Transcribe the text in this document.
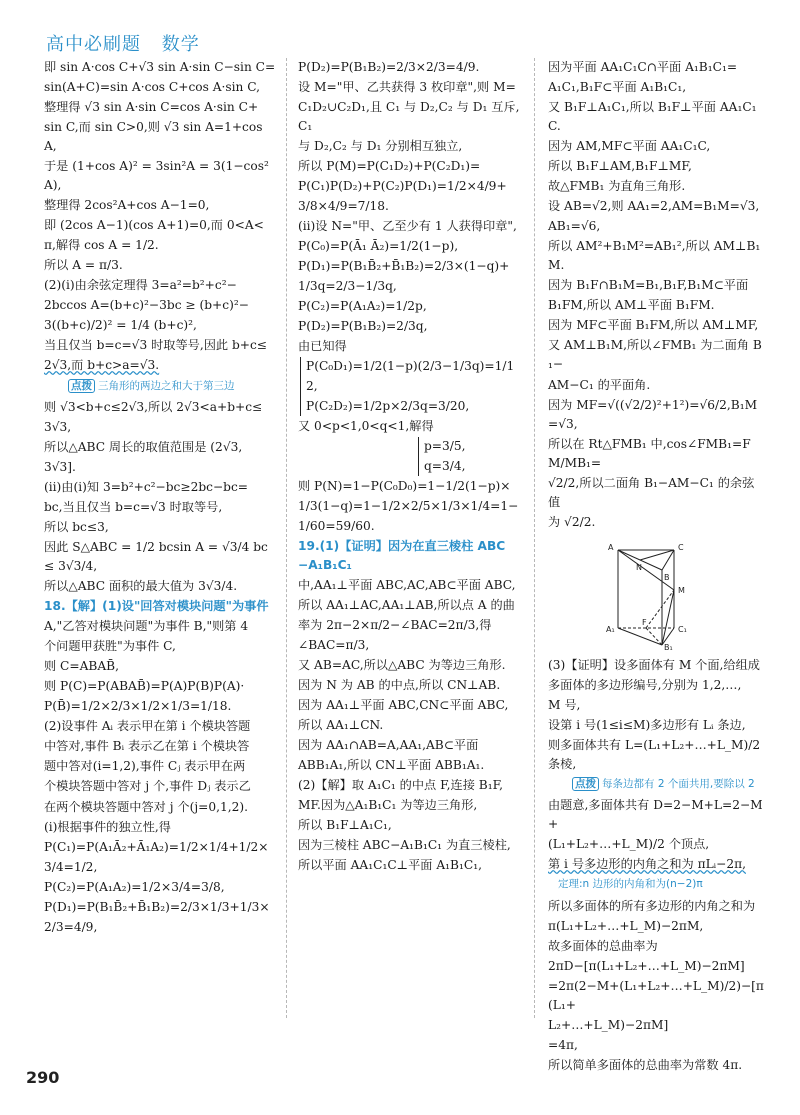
高中必刷题 数学

即 sin A·cos C+√3 sin A·sin C−sin C=

sin(A+C)=sin A·cos C+cos A·sin C,

整理得 √3 sin A·sin C=cos A·sin C+

sin C,而 sin C>0,则 √3 sin A=1+cos A,

于是 (1+cos A)² = 3sin²A = 3(1−cos²A),

整理得 2cos²A+cos A−1=0,

即 (2cos A−1)(cos A+1)=0,而 0<A<

π,解得 cos A = 1/2.

所以 A = π/3.

(2)(i)由余弦定理得 3=a²=b²+c²−

2bccos A=(b+c)²−3bc ≥ (b+c)²−

3((b+c)/2)² = 1/4 (b+c)²,

当且仅当 b=c=√3 时取等号,因此 b+c≤

2√3,而 b+c>a=√3.

点拨 三角形的两边之和大于第三边

则 √3<b+c≤2√3,所以 2√3<a+b+c≤

3√3,

所以△ABC 周长的取值范围是 (2√3,

3√3].

(ii)由(i)知 3=b²+c²−bc≥2bc−bc=

bc,当且仅当 b=c=√3 时取等号,

所以 bc≤3,

因此 S△ABC = 1/2 bcsin A = √3/4 bc ≤ 3√3/4,

所以△ABC 面积的最大值为 3√3/4.

18.【解】(1)设"回答对模块问题"为事件

A,"乙答对模块问题"为事件 B,"则第 4

个问题甲获胜"为事件 C,

则 C=ABAB̄,

则 P(C)=P(ABAB̄)=P(A)P(B)P(A)·

P(B̄)=1/2×2/3×1/2×1/3=1/18.

(2)设事件 Aᵢ 表示甲在第 i 个模块答题

中答对,事件 Bᵢ 表示乙在第 i 个模块答

题中答对(i=1,2),事件 Cⱼ 表示甲在两

个模块答题中答对 j 个,事件 Dⱼ 表示乙

在两个模块答题中答对 j 个(j=0,1,2).

(i)根据事件的独立性,得

P(C₁)=P(A₁Ā₂+Ā₁A₂)=1/2×1/4+1/2×

3/4=1/2,

P(C₂)=P(A₁A₂)=1/2×3/4=3/8,

P(D₁)=P(B₁B̄₂+B̄₁B₂)=2/3×1/3+1/3×

2/3=4/9,

P(D₂)=P(B₁B₂)=2/3×2/3=4/9.

设 M="甲、乙共获得 3 枚印章",则 M=

C₁D₂∪C₂D₁,且 C₁ 与 D₂,C₂ 与 D₁ 互斥,C₁

与 D₂,C₂ 与 D₁ 分别相互独立,

所以 P(M)=P(C₁D₂)+P(C₂D₁)=

P(C₁)P(D₂)+P(C₂)P(D₁)=1/2×4/9+

3/8×4/9=7/18.

(ii)设 N="甲、乙至少有 1 人获得印章",

P(C₀)=P(Ā₁ Ā₂)=1/2(1−p),

P(D₁)=P(B₁B̄₂+B̄₁B₂)=2/3×(1−q)+

1/3q=2/3−1/3q,

P(C₂)=P(A₁A₂)=1/2p,

P(D₂)=P(B₁B₂)=2/3q,

由已知得

P(C₀D₁)=1/2(1−p)(2/3−1/3q)=1/12,

P(C₂D₂)=1/2p×2/3q=3/20,

又 0<p<1,0<q<1,解得

p=3/5,

q=3/4,

则 P(N)=1−P(C₀D₀)=1−1/2(1−p)×

1/3(1−q)=1−1/2×2/5×1/3×1/4=1−

1/60=59/60.

19.(1)【证明】因为在直三棱柱 ABC−A₁B₁C₁

中,AA₁⊥平面 ABC,AC,AB⊂平面 ABC,

所以 AA₁⊥AC,AA₁⊥AB,所以点 A 的曲

率为 2π−2×π/2−∠BAC=2π/3,得

∠BAC=π/3,

又 AB=AC,所以△ABC 为等边三角形.

因为 N 为 AB 的中点,所以 CN⊥AB.

因为 AA₁⊥平面 ABC,CN⊂平面 ABC,

所以 AA₁⊥CN.

因为 AA₁∩AB=A,AA₁,AB⊂平面

ABB₁A₁,所以 CN⊥平面 ABB₁A₁.

(2)【解】取 A₁C₁ 的中点 F,连接 B₁F,

MF.因为△A₁B₁C₁ 为等边三角形,

所以 B₁F⊥A₁C₁,

因为三棱柱 ABC−A₁B₁C₁ 为直三棱柱,

所以平面 AA₁C₁C⊥平面 A₁B₁C₁,

因为平面 AA₁C₁C∩平面 A₁B₁C₁=

A₁C₁,B₁F⊂平面 A₁B₁C₁,

又 B₁F⊥A₁C₁,所以 B₁F⊥平面 AA₁C₁C.

因为 AM,MF⊂平面 AA₁C₁C,

所以 B₁F⊥AM,B₁F⊥MF,

故△FMB₁ 为直角三角形.

设 AB=√2,则 AA₁=2,AM=B₁M=√3,

AB₁=√6,

所以 AM²+B₁M²=AB₁²,所以 AM⊥B₁M.

因为 B₁F∩B₁M=B₁,B₁F,B₁M⊂平面

B₁FM,所以 AM⊥平面 B₁FM.

因为 MF⊂平面 B₁FM,所以 AM⊥MF,

又 AM⊥B₁M,所以∠FMB₁ 为二面角 B₁−

AM−C₁ 的平面角.

因为 MF=√((√2/2)²+1²)=√6/2,B₁M=√3,

所以在 Rt△FMB₁ 中,cos∠FMB₁=FM/MB₁=

√2/2,所以二面角 B₁−AM−C₁ 的余弦值

为 √2/2.

A	C
B
M
N
F
A₁	C₁
B₁

(3)【证明】设多面体有 M 个面,给组成

多面体的多边形编号,分别为 1,2,…,

M 号,

设第 i 号(1≤i≤M)多边形有 Lᵢ 条边,

则多面体共有 L=(L₁+L₂+…+L_M)/2 条棱,

点拨 每条边都有 2 个面共用,要除以 2

由题意,多面体共有 D=2−M+L=2−M+

(L₁+L₂+…+L_M)/2 个顶点,

第 i 号多边形的内角之和为 πLᵢ−2π,

定理:n 边形的内角和为(n−2)π

所以多面体的所有多边形的内角之和为

π(L₁+L₂+…+L_M)−2πM,

故多面体的总曲率为

2πD−[π(L₁+L₂+…+L_M)−2πM]

=2π(2−M+(L₁+L₂+…+L_M)/2)−[π(L₁+

L₂+…+L_M)−2πM]

=4π,

所以简单多面体的总曲率为常数 4π.

290
